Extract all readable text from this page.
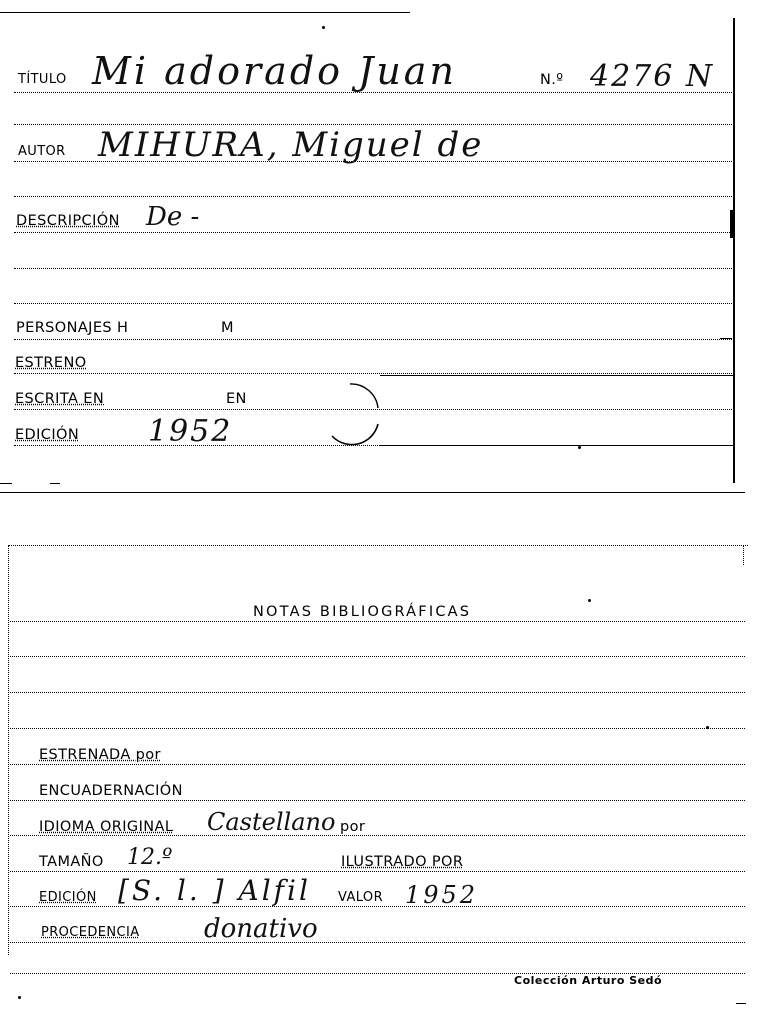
TÍTULO Mi adorado Juan	N.º 4276 N
AUTOR MIHURA, Miguel de
DESCRIPCIÓN De -
PERSONAJES H	M
ESTRENO
ESCRITA EN	EN
EDICIÓN 1952
NOTAS BIBLIOGRÁFICAS
ESTRENADA por
ENCUADERNACIÓN
IDIOMA ORIGINAL Castellano por
TAMAÑO 12.º	ILUSTRADO POR
EDICIÓN [S. l. ] Alfil VALOR 1952
PROCEDENCIA donativo
Colección Arturo Sedó
